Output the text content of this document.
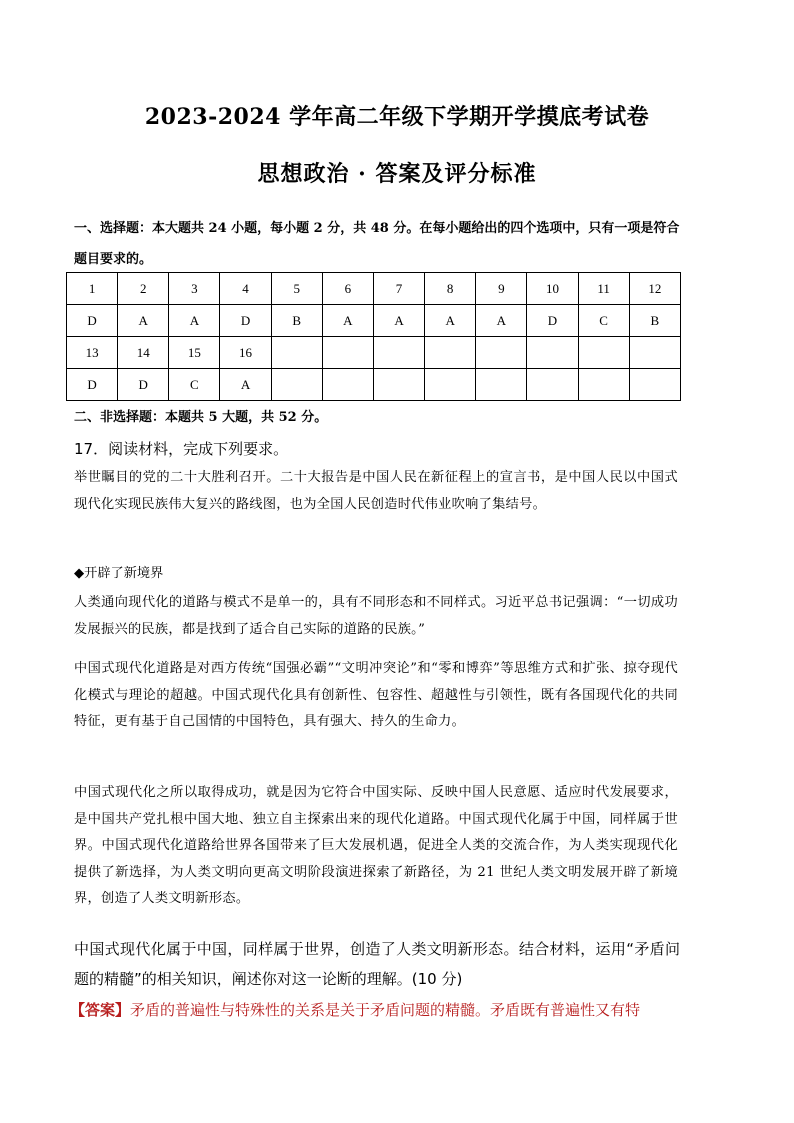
2023-2024 学年高二年级下学期开学摸底考试卷
思想政治 · 答案及评分标准
一、选择题：本大题共 24 小题，每小题 2 分，共 48 分。在每小题给出的四个选项中，只有一项是符合题目要求的。
1	2	3	4	5	6	7	8	9	10	11	12
D	A	A	D	B	A	A	A	A	D	C	B
13	14	15	16								
D	D	C	A								
二、非选择题：本题共 5 大题，共 52 分。
17．阅读材料，完成下列要求。
举世瞩目的党的二十大胜利召开。二十大报告是中国人民在新征程上的宣言书，是中国人民以中国式现代化实现民族伟大复兴的路线图，也为全国人民创造时代伟业吹响了集结号。
◆开辟了新境界
人类通向现代化的道路与模式不是单一的，具有不同形态和不同样式。习近平总书记强调：“一切成功发展振兴的民族，都是找到了适合自己实际的道路的民族。”
中国式现代化道路是对西方传统“国强必霸”“文明冲突论”和“零和博弈”等思维方式和扩张、掠夺现代化模式与理论的超越。中国式现代化具有创新性、包容性、超越性与引领性，既有各国现代化的共同特征，更有基于自己国情的中国特色，具有强大、持久的生命力。
中国式现代化之所以取得成功，就是因为它符合中国实际、反映中国人民意愿、适应时代发展要求，是中国共产党扎根中国大地、独立自主探索出来的现代化道路。中国式现代化属于中国，同样属于世界。中国式现代化道路给世界各国带来了巨大发展机遇，促进全人类的交流合作，为人类实现现代化提供了新选择，为人类文明向更高文明阶段演进探索了新路径，为 21 世纪人类文明发展开辟了新境界，创造了人类文明新形态。
中国式现代化属于中国，同样属于世界，创造了人类文明新形态。结合材料，运用“矛盾问题的精髓”的相关知识，阐述你对这一论断的理解。(10 分)
【答案】矛盾的普遍性与特殊性的关系是关于矛盾问题的精髓。矛盾既有普遍性又有特
